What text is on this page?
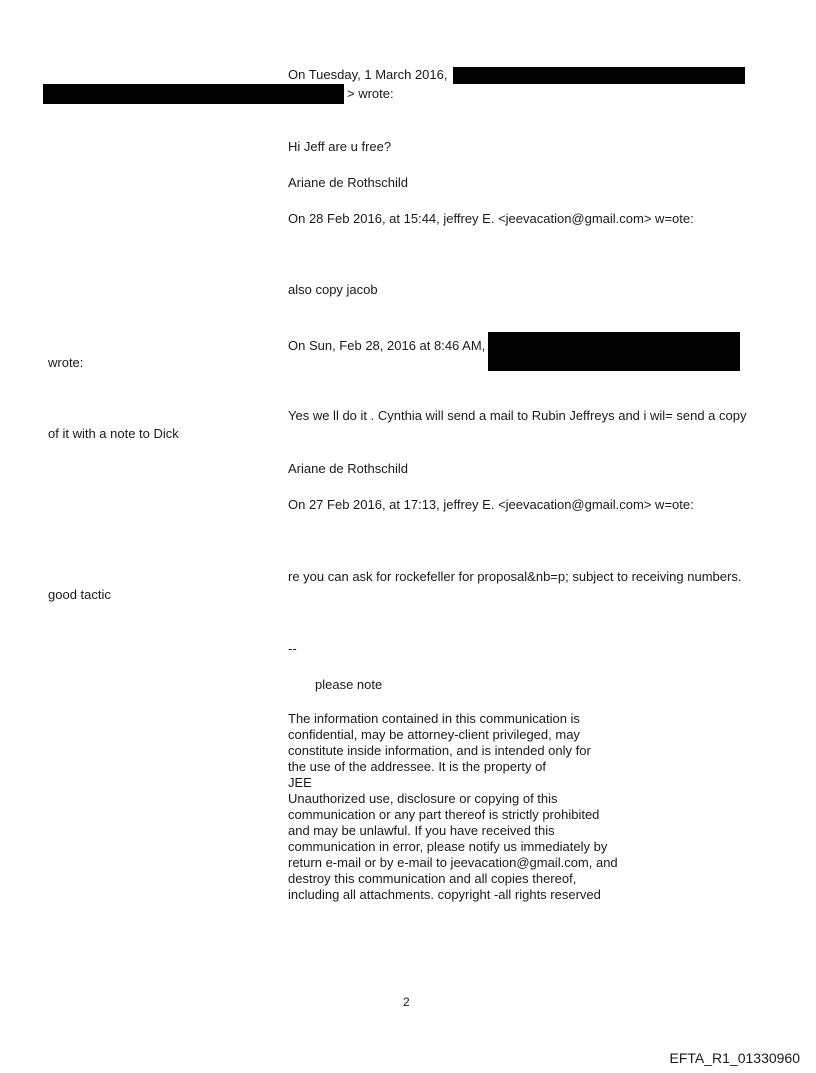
On Tuesday, 1 March 2016,
> wrote:
Hi Jeff are u free?
Ariane de Rothschild
On 28 Feb 2016, at 15:44, jeffrey E. <jeevacation@gmail.com> w=ote:
also copy jacob
On Sun, Feb 28, 2016 at 8:46 AM,
wrote:
Yes we ll do it . Cynthia will send a mail to Rubin Jeffreys and i wil= send a copy
of it with a note to Dick
Ariane de Rothschild
On 27 Feb 2016, at 17:13, jeffrey E. <jeevacation@gmail.com> w=ote:
re you can ask for rockefeller for proposal&nb=p; subject to receiving numbers.
good tactic
--
please note
The information contained in this communication is
confidential, may be attorney-client privileged, may
constitute inside information, and is intended only for
the use of the addressee. It is the property of
JEE
Unauthorized use, disclosure or copying of this
communication or any part thereof is strictly prohibited
and may be unlawful. If you have received this
communication in error, please notify us immediately by
return e-mail or by e-mail to jeevacation@gmail.com, and
destroy this communication and all copies thereof,
including all attachments. copyright -all rights reserved
2
EFTA_R1_01330960
